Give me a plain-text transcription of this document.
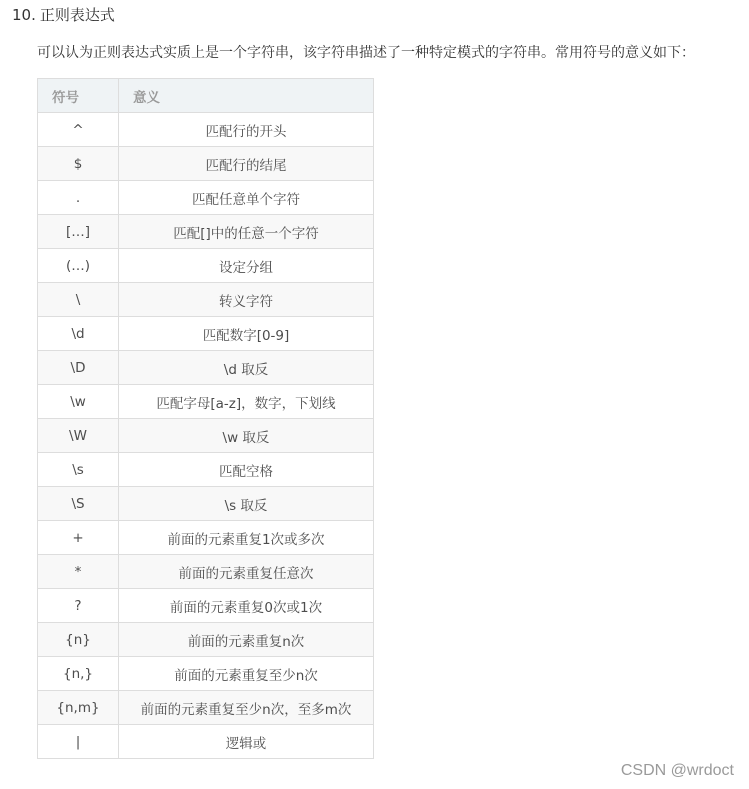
10. 正则表达式
可以认为正则表达式实质上是一个字符串，该字符串描述了一种特定模式的字符串。常用符号的意义如下：
符号	意义
^	匹配行的开头
$	匹配行的结尾
.	匹配任意单个字符
[…]	匹配[]中的任意一个字符
(…)	设定分组
\	转义字符
\d	匹配数字[0-9]
\D	\d 取反
\w	匹配字母[a-z]，数字，下划线
\W	\w 取反
\s	匹配空格
\S	\s 取反
+	前面的元素重复1次或多次
*	前面的元素重复任意次
?	前面的元素重复0次或1次
{n}	前面的元素重复n次
{n,}	前面的元素重复至少n次
{n,m}	前面的元素重复至少n次，至多m次
|	逻辑或
CSDN @wrdoct
